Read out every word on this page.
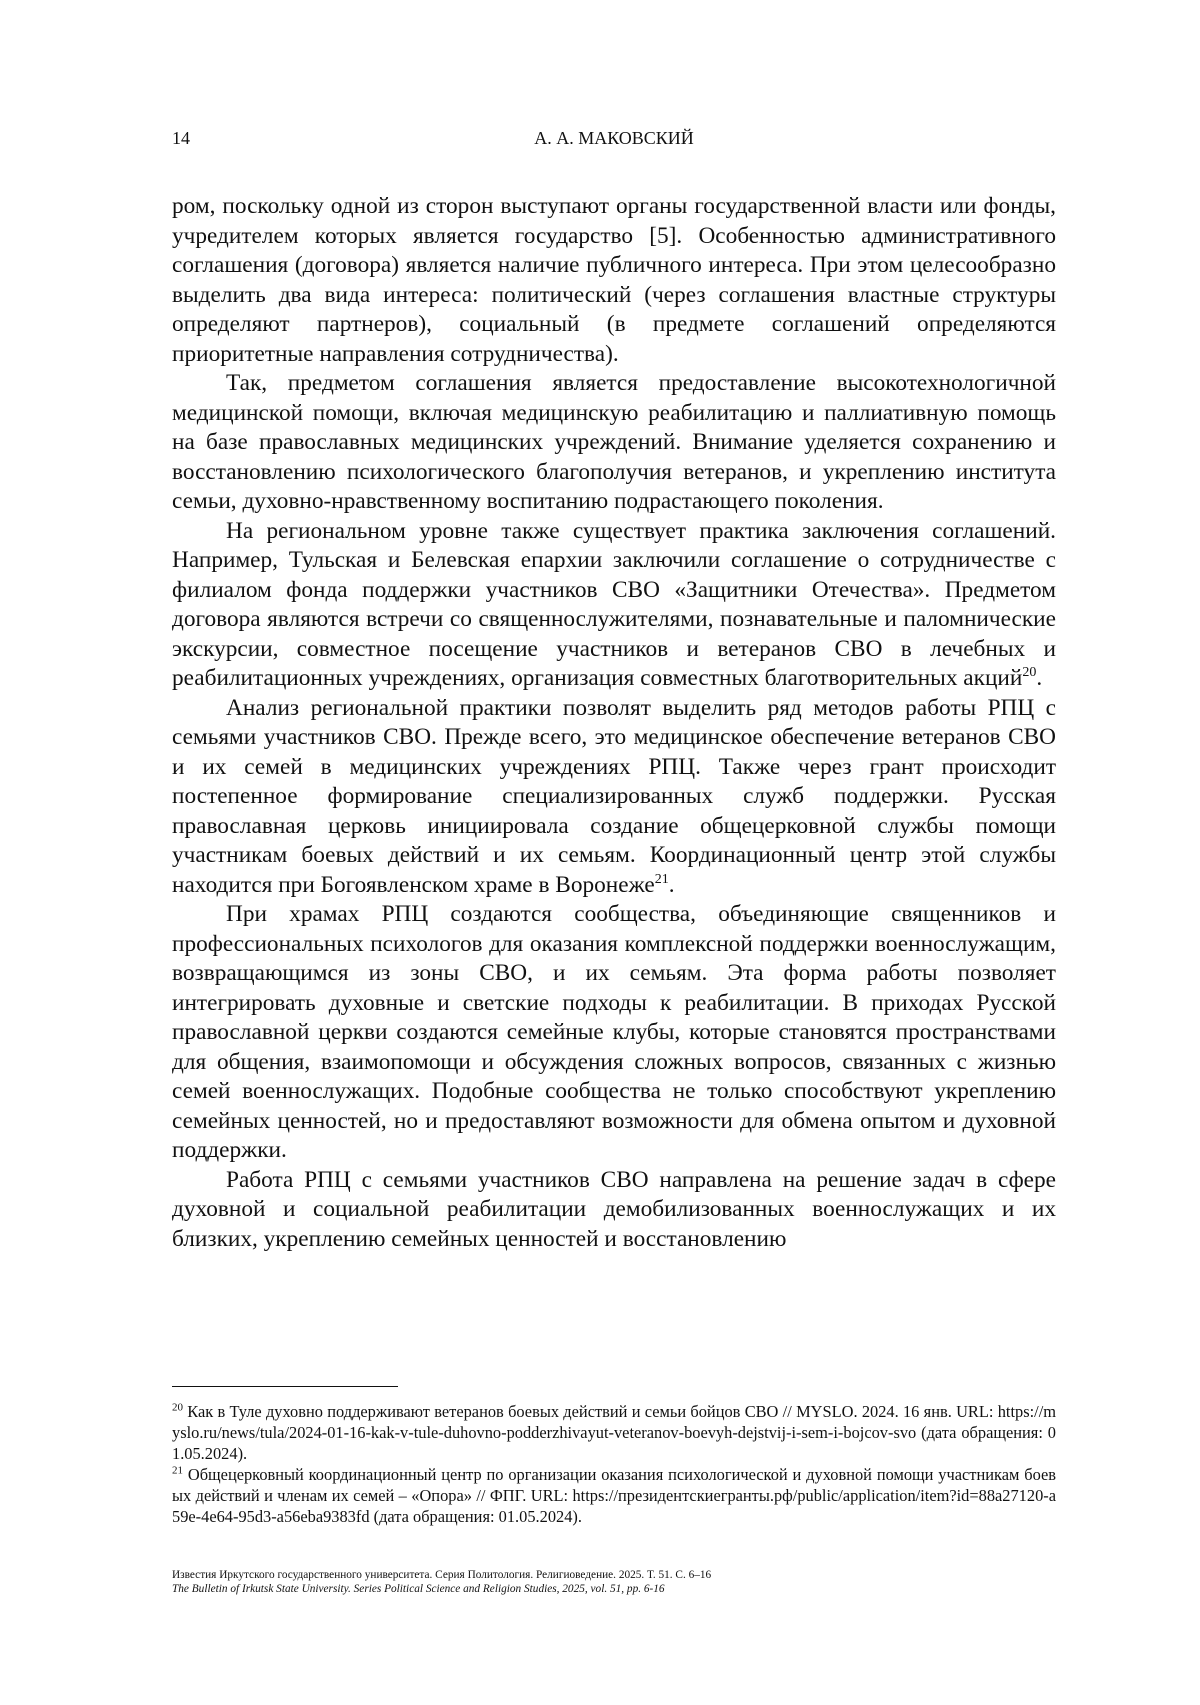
14	А. А. МАКОВСКИЙ

ром, поскольку одной из сторон выступают органы государственной власти или фонды, учредителем которых является государство [5]. Особенностью административного соглашения (договора) является наличие публичного интереса. При этом целесообразно выделить два вида интереса: политический (через соглашения властные структуры определяют партнеров), социальный (в предмете соглашений определяются приоритетные направления сотрудничества).

Так, предметом соглашения является предоставление высокотехнологичной медицинской помощи, включая медицинскую реабилитацию и паллиативную помощь на базе православных медицинских учреждений. Внимание уделяется сохранению и восстановлению психологического благополучия ветеранов, и укреплению института семьи, духовно-нравственному воспитанию подрастающего поколения.

На региональном уровне также существует практика заключения соглашений. Например, Тульская и Белевская епархии заключили соглашение о сотрудничестве с филиалом фонда поддержки участников СВО «Защитники Отечества». Предметом договора являются встречи со священнослужителями, познавательные и паломнические экскурсии, совместное посещение участников и ветеранов СВО в лечебных и реабилитационных учреждениях, организация совместных благотворительных акций$^{20}$.

Анализ региональной практики позволят выделить ряд методов работы РПЦ с семьями участников СВО. Прежде всего, это медицинское обеспечение ветеранов СВО и их семей в медицинских учреждениях РПЦ. Также через грант происходит постепенное формирование специализированных служб поддержки. Русская православная церковь инициировала создание общецерковной службы помощи участникам боевых действий и их семьям. Координационный центр этой службы находится при Богоявленском храме в Воронеже$^{21}$.

При храмах РПЦ создаются сообщества, объединяющие священников и профессиональных психологов для оказания комплексной поддержки военнослужащим, возвращающимся из зоны СВО, и их семьям. Эта форма работы позволяет интегрировать духовные и светские подходы к реабилитации. В приходах Русской православной церкви создаются семейные клубы, которые становятся пространствами для общения, взаимопомощи и обсуждения сложных вопросов, связанных с жизнью семей военнослужащих. Подобные сообщества не только способствуют укреплению семейных ценностей, но и предоставляют возможности для обмена опытом и духовной поддержки.

Работа РПЦ с семьями участников СВО направлена на решение задач в сфере духовной и социальной реабилитации демобилизованных военнослужащих и их близких, укреплению семейных ценностей и восстановлению

$^{20}$ Как в Туле духовно поддерживают ветеранов боевых действий и семьи бойцов СВО // MYSLO. 2024. 16 янв. URL: https://myslo.ru/news/tula/2024-01-16-kak-v-tule-duhovno-podderzhivayut-veteranov-boevyh-dejstvij-i-sem-i-bojcov-svo (дата обращения: 01.05.2024).

$^{21}$ Общецерковный координационный центр по организации оказания психологической и духовной помощи участникам боевых действий и членам их семей – «Опора» // ФПГ. URL: https://президентскиегранты.рф/public/application/item?id=88a27120-a59e-4e64-95d3-a56eba9383fd (дата обращения: 01.05.2024).

Известия Иркутского государственного университета. Серия Политология. Религиоведение. 2025. Т. 51. С. 6–16
The Bulletin of Irkutsk State University. Series Political Science and Religion Studies, 2025, vol. 51, pp. 6-16
